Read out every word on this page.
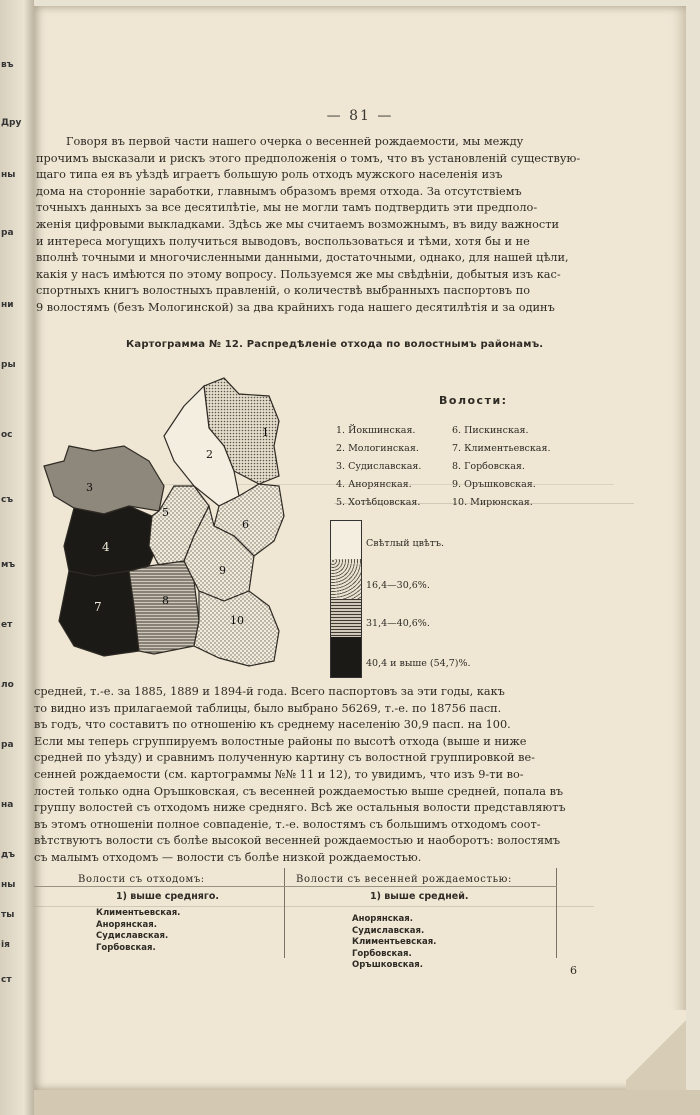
въ
Дру
ны
ра
ни
ры
ос
съ
мъ
ет
ло
ра
на
дъ
ны
ты
ія
ст
— 81 —
Говоря въ первой части нашего очерка о весенней рождаемости, мы между
прочимъ высказали и рискъ этого предположенія о томъ, что въ установленій существую-
щаго типа ея въ уѣздѣ играетъ большую роль отходъ мужского населенія изъ
дома на сторонніе заработки, главнымъ образомъ время отхода. За отсутствіемъ
точныхъ данныхъ за все десятилѣтіе, мы не могли тамъ подтвердить эти предполо-
женія цифровыми выкладками. Здѣсь же мы считаемъ возможнымъ, въ виду важности
и интереса могущихъ получиться выводовъ, воспользоваться и тѣми, хотя бы и не
вполнѣ точными и многочисленными данными, достаточными, однако, для нашей цѣли,
какія у насъ имѣются по этому вопросу. Пользуемся же мы свѣдѣніи, добытыя изъ кас-
спортныхъ книгъ волостныхъ правленій, о количествѣ выбранныхъ паспортовъ по
9 волостямъ (безъ Мологинской) за два крайнихъ года нашего десятилѣтія и за одинъ
Картограмма № 12. Распредѣленіе отхода по волостнымъ районамъ.
1
2
3
4
5
6
7	8
9
10
Волости:
1. Йокшинская.
2. Мологинская.
3. Судиславская.
4. Анорянская.
5. Хотѣбцовская.
6. Пискинская.
7. Климентьевская.
8. Горбовская.
9. Оръшковская.
10. Мирюнская.
Свѣтлый цвѣтъ.
16,4—30,6%.
31,4—40,6%.
40,4 и выше (54,7)%.
средней, т.-е. за 1885, 1889 и 1894-й года. Всего паспортовъ за эти годы, какъ
то видно изъ прилагаемой таблицы, было выбрано 56269, т.-е. по 18756 пасп.
въ годъ, что составитъ по отношенію къ среднему населенію 30,9 пасп. на 100.
Если мы теперь сгруппируемъ волостные районы по высотѣ отхода (выше и ниже
средней по уѣзду) и сравнимъ полученную картину съ волостной группировкой ве-
сенней рождаемости (см. картограммы №№ 11 и 12), то увидимъ, что изъ 9-ти во-
лостей только одна Оръшковская, съ весенней рождаемостью выше средней, попала въ
группу волостей съ отходомъ ниже средняго. Всѣ же остальныя волости представляютъ
въ этомъ отношеніи полное совпаденіе, т.-е. волостямъ съ большимъ отходомъ соот-
вѣтствуютъ волости съ болѣе высокой весенней рождаемостью и наоборотъ: волостямъ
съ малымъ отходомъ — волости съ болѣе низкой рождаемостью.
Волости съ отходомъ:	Волости съ весенней рождаемостью:
1) выше средняго.	1) выше средней.
Климентьевская.
Анорянская.
Судиславская.
Горбовская.
Анорянская.
Судиславская.
Климентьевская.
Горбовская.
Оръшковская.	6
